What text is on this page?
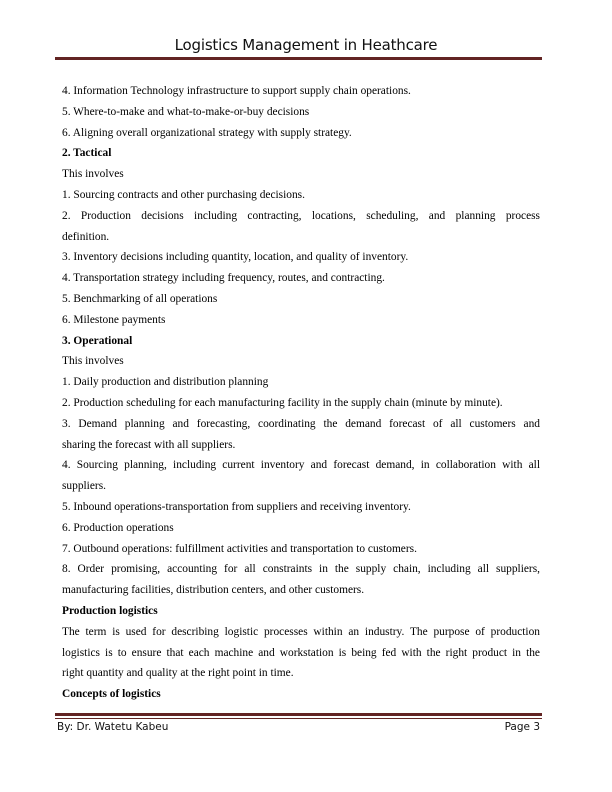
Logistics Management in Heathcare
4. Information Technology infrastructure to support supply chain operations.
5. Where-to-make and what-to-make-or-buy decisions
6. Aligning overall organizational strategy with supply strategy.
2. Tactical
This involves
1. Sourcing contracts and other purchasing decisions.
2. Production decisions including contracting, locations, scheduling, and planning process
definition.
3. Inventory decisions including quantity, location, and quality of inventory.
4. Transportation strategy including frequency, routes, and contracting.
5. Benchmarking of all operations
6. Milestone payments
3. Operational
This involves
1. Daily production and distribution planning
2. Production scheduling for each manufacturing facility in the supply chain (minute by minute).
3. Demand planning and forecasting, coordinating the demand forecast of all customers and
sharing the forecast with all suppliers.
4. Sourcing planning, including current inventory and forecast demand, in collaboration with all
suppliers.
5. Inbound operations-transportation from suppliers and receiving inventory.
6. Production operations
7. Outbound operations: fulfillment activities and transportation to customers.
8. Order promising, accounting for all constraints in the supply chain, including all suppliers,
manufacturing facilities, distribution centers, and other customers.
Production logistics
The term is used for describing logistic processes within an industry. The purpose of production
logistics is to ensure that each machine and workstation is being fed with the right product in the
right quantity and quality at the right point in time.
Concepts of logistics
By: Dr. Watetu Kabeu	Page 3
